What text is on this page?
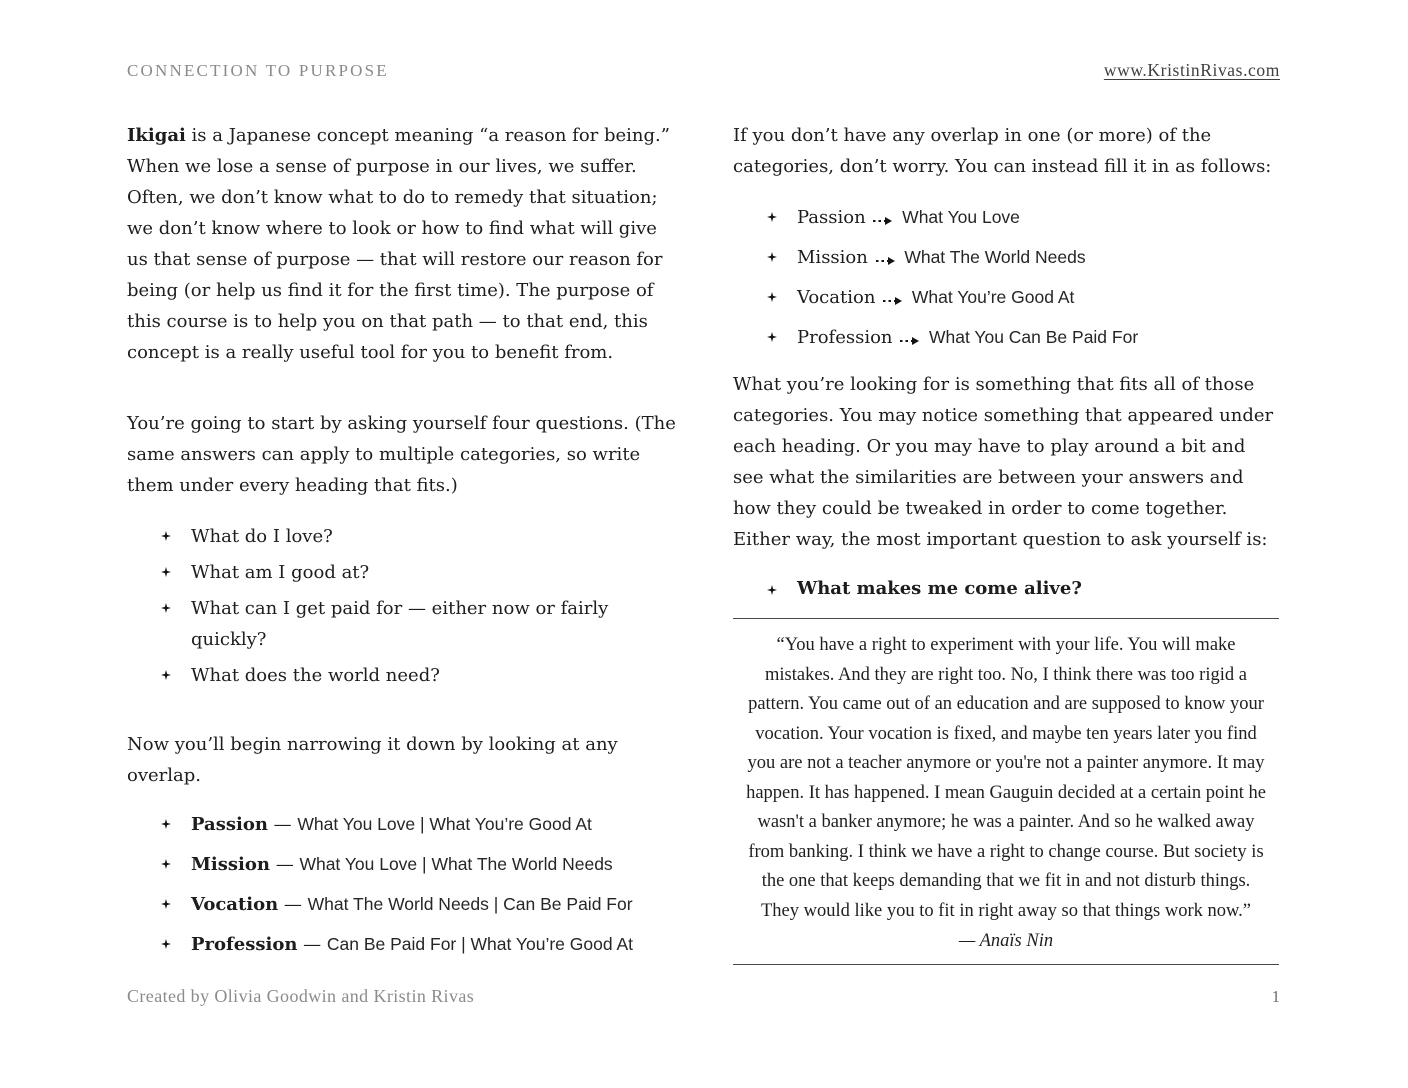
CONNECTION TO PURPOSE	www.KristinRivas.com

Ikigai is a Japanese concept meaning “a reason for being.” When we lose a sense of purpose in our lives, we suffer. Often, we don’t know what to do to remedy that situation; we don’t know where to look or how to find what will give us that sense of purpose — that will restore our reason for being (or help us find it for the first time). The purpose of this course is to help you on that path — to that end, this concept is a really useful tool for you to benefit from.

You’re going to start by asking yourself four questions. (The same answers can apply to multiple categories, so write them under every heading that fits.)

What do I love?
What am I good at?
What can I get paid for — either now or fairly quickly?
What does the world need?

Now you’ll begin narrowing it down by looking at any overlap.

Passion — What You Love | What You’re Good At
Mission — What You Love | What The World Needs
Vocation — What The World Needs | Can Be Paid For
Profession — Can Be Paid For | What You’re Good At

If you don’t have any overlap in one (or more) of the categories, don’t worry. You can instead fill it in as follows:

Passion What You Love
Mission What The World Needs
Vocation What You’re Good At
Profession What You Can Be Paid For

What you’re looking for is something that fits all of those categories. You may notice something that appeared under each heading. Or you may have to play around a bit and see what the similarities are between your answers and how they could be tweaked in order to come together. Either way, the most important question to ask yourself is:

What makes me come alive?

“You have a right to experiment with your life. You will make mistakes. And they are right too. No, I think there was too rigid a pattern. You came out of an education and are supposed to know your vocation. Your vocation is fixed, and maybe ten years later you find you are not a teacher anymore or you're not a painter anymore. It may happen. It has happened. I mean Gauguin decided at a certain point he wasn't a banker anymore; he was a painter. And so he walked away from banking. I think we have a right to change course. But society is the one that keeps demanding that we fit in and not disturb things. They would like you to fit in right away so that things work now.”

— Anaïs Nin

Created by Olivia Goodwin and Kristin Rivas	1
